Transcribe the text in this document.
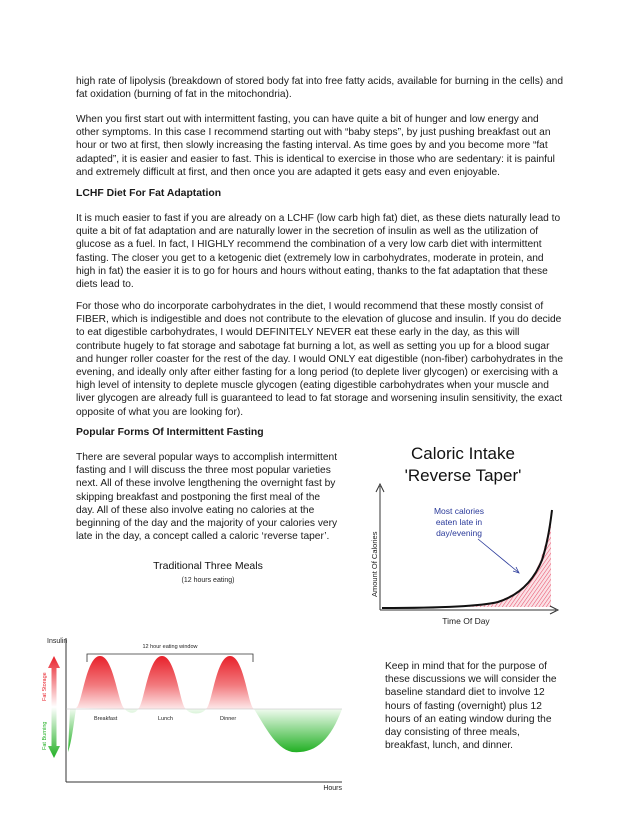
high rate of lipolysis (breakdown of stored body fat into free fatty acids, available for burning in the cells) and fat oxidation (burning of fat in the mitochondria).

When you first start out with intermittent fasting, you can have quite a bit of hunger and low energy and other symptoms. In this case I recommend starting out with “baby steps”, by just pushing breakfast out an hour or two at first, then slowly increasing the fasting interval. As time goes by and you become more “fat adapted”, it is easier and easier to fast. This is identical to exercise in those who are sedentary: it is painful and extremely difficult at first, and then once you are adapted it gets easy and even enjoyable.

LCHF Diet For Fat Adaptation

It is much easier to fast if you are already on a LCHF (low carb high fat) diet, as these diets naturally lead to quite a bit of fat adaptation and are naturally lower in the secretion of insulin as well as the utilization of glucose as a fuel. In fact, I HIGHLY recommend the combination of a very low carb diet with intermittent fasting. The closer you get to a ketogenic diet (extremely low in carbohydrates, moderate in protein, and high in fat) the easier it is to go for hours and hours without eating, thanks to the fat adaptation that these diets lead to.

For those who do incorporate carbohydrates in the diet, I would recommend that these mostly consist of FIBER, which is indigestible and does not contribute to the elevation of glucose and insulin. If you do decide to eat digestible carbohydrates, I would DEFINITELY NEVER eat these early in the day, as this will contribute hugely to fat storage and sabotage fat burning a lot, as well as setting you up for a blood sugar and hunger roller coaster for the rest of the day. I would ONLY eat digestible (non-fiber) carbohydrates in the evening, and ideally only after either fasting for a long period (to deplete liver glycogen) or exercising with a high level of intensity to deplete muscle glycogen (eating digestible carbohydrates when your muscle and liver glycogen are already full is guaranteed to lead to fat storage and worsening insulin sensitivity, the exact opposite of what you are looking for).

Popular Forms Of Intermittent Fasting

There are several popular ways to accomplish intermittent fasting and I will discuss the three most popular varieties next. All of these involve lengthening the overnight fast by skipping breakfast and postponing the first meal of the day. All of these also involve eating no calories at the beginning of the day and the majority of your calories very late in the day, a concept called a caloric ‘reverse taper’.

Caloric Intake
'Reverse Taper'
Most calories
eaten late in
day/evening
Amount Of Calories
Time Of Day
Traditional Three Meals
(12 hours eating)
Insulin
Hours
12 hour eating window
Fat Storage
Fat Burning
Breakfast	Lunch	Dinner

Keep in mind that for the purpose of these discussions we will consider the baseline standard diet to involve 12 hours of fasting (overnight) plus 12 hours of an eating window during the day consisting of three meals, breakfast, lunch, and dinner.
